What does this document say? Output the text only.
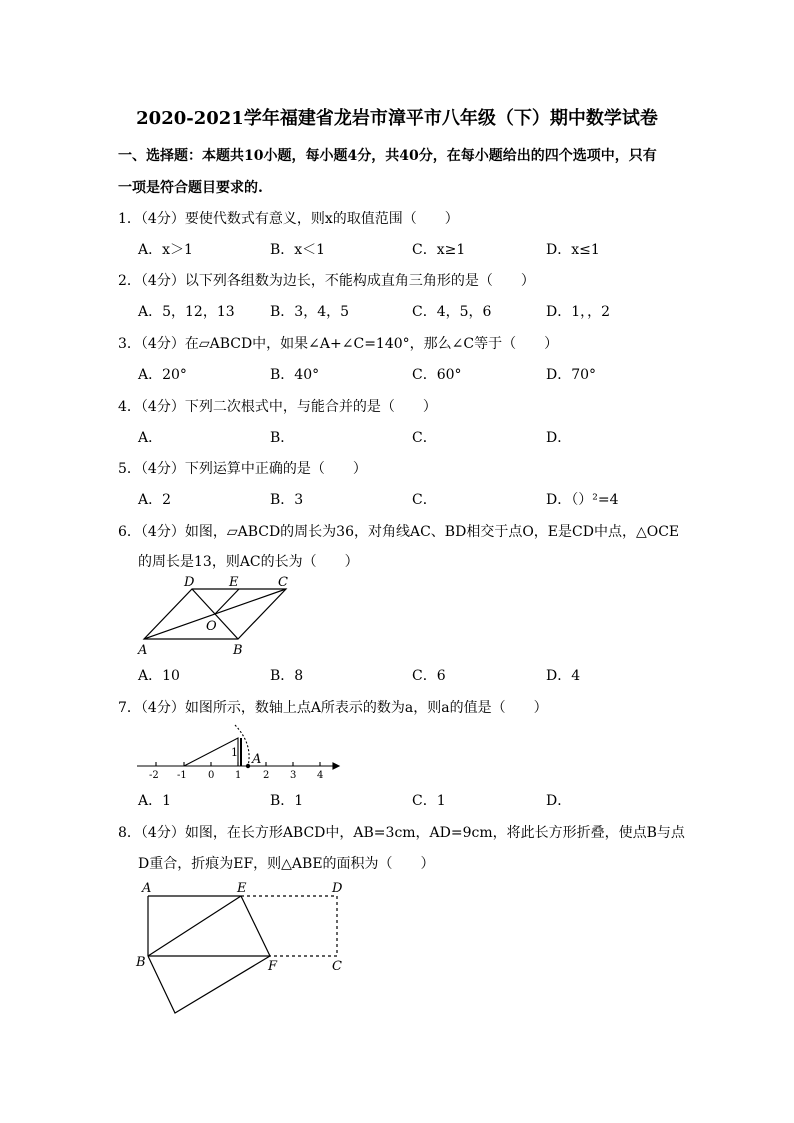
2020-2021学年福建省龙岩市漳平市八年级（下）期中数学试卷
一、选择题：本题共10小题，每小题4分，共40分，在每小题给出的四个选项中，只有
一项是符合题目要求的.
1．（4分）要使代数式有意义，则x的取值范围（　　）
A．x＞1	B．x＜1	C．x≥1	D．x≤1
2．（4分）以下列各组数为边长，不能构成直角三角形的是（　　）
A．5，12，13	B．3，4，5	C．4，5，6	D．1，，2
3．（4分）在▱ABCD中，如果∠A+∠C=140°，那么∠C等于（　　）
A．20°	B．40°	C．60°	D．70°
4．（4分）下列二次根式中，与能合并的是（　　）
A．	B．	C．	D．
5．（4分）下列运算中正确的是（　　）
A．2	B．3	C．	D．（）²=4
6．（4分）如图，▱ABCD的周长为36，对角线AC、BD相交于点O，E是CD中点，△OCE
的周长是13，则AC的长为（　　）
D	E	C
O
A	B
A．10	B．8	C．6	D．4
7．（4分）如图所示，数轴上点A所表示的数为a，则a的值是（　　）
1 A
-2 -1 0 1 2 3 4
A．1	B．1	C．1	D．
8．（4分）如图，在长方形ABCD中，AB=3cm，AD=9cm，将此长方形折叠，使点B与点
D重合，折痕为EF，则△ABE的面积为（　　）
A	E	D
B	F	C
